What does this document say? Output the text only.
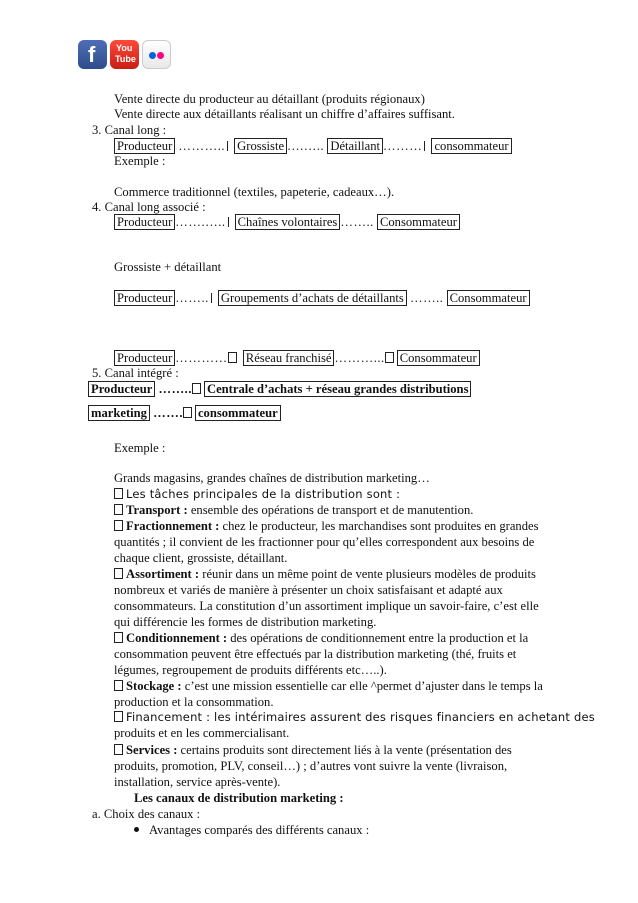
f You
Tube
Vente directe du producteur au détaillant (produits régionaux)
Vente directe aux détaillants réalisant un chiffre d’affaires suffisant.
3. Canal long :
Producteur ……….. Grossiste ….….. Détaillant ……… consommateur
Exemple :
Commerce traditionnel (textiles, papeterie, cadeaux…).
4. Canal long associé :
Producteur …….….. Chaînes volontaires …….. Consommateur
Grossiste + détaillant
Producteur …….. Groupements d’achats de détaillants …….. Consommateur
Producteur ………… Réseau franchisé ………... Consommateur
5. Canal intégré :
Producteur …….. Centrale d’achats + réseau grandes distributions
marketing ……. consommateur
Exemple :
Grands magasins, grandes chaînes de distribution marketing…
Les tâches principales de la distribution sont :
Transport : ensemble des opérations de transport et de manutention.
Fractionnement : chez le producteur, les marchandises sont produites en grandes quantités ; il convient de les fractionner pour qu’elles correspondent aux besoins de chaque client, grossiste, détaillant.
Assortiment : réunir dans un même point de vente plusieurs modèles de produits nombreux et variés de manière à présenter un choix satisfaisant et adapté aux consommateurs. La constitution d’un assortiment implique un savoir-faire, c’est elle qui différencie les formes de distribution marketing.
Conditionnement : des opérations de conditionnement entre la production et la consommation peuvent être effectués par la distribution marketing (thé, fruits et légumes, regroupement de produits différents etc…..).
Stockage : c’est une mission essentielle car elle ^permet d’ajuster dans le temps la production et la consommation.
Financement : les intérimaires assurent des risques financiers en achetant des
produits et en les commercialisant.
Services : certains produits sont directement liés à la vente (présentation des produits, promotion, PLV, conseil…) ; d’autres vont suivre la vente (livraison, installation, service après-vente).
Les canaux de distribution marketing :
a. Choix des canaux :
Avantages comparés des différents canaux :
